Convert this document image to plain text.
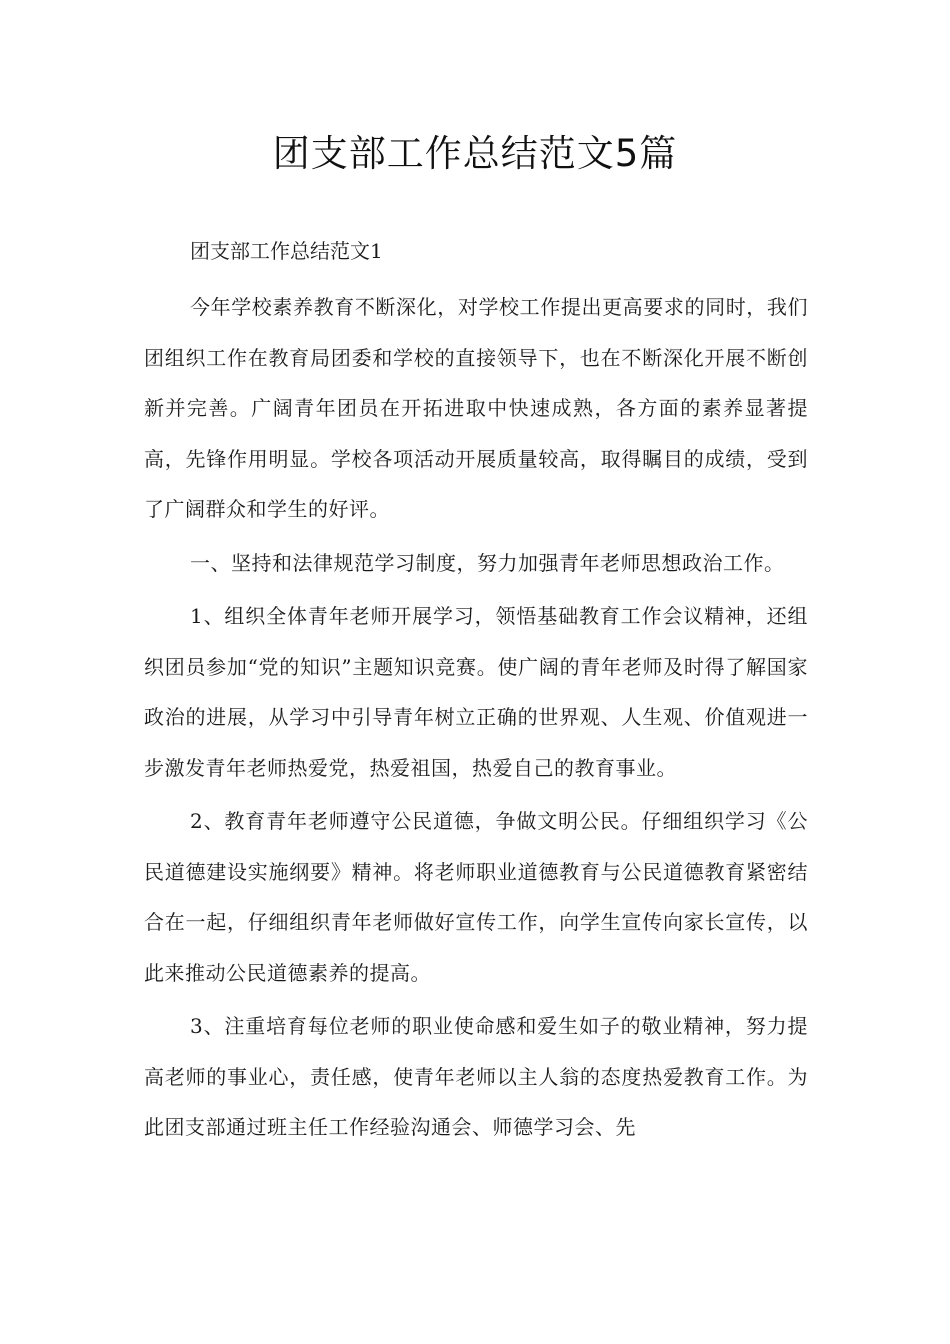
团支部工作总结范文5篇

团支部工作总结范文1

今年学校素养教育不断深化，对学校工作提出更高要求的同时，我们团组织工作在教育局团委和学校的直接领导下，也在不断深化开展不断创新并完善。广阔青年团员在开拓进取中快速成熟，各方面的素养显著提高，先锋作用明显。学校各项活动开展质量较高，取得瞩目的成绩，受到了广阔群众和学生的好评。

一、坚持和法律规范学习制度，努力加强青年老师思想政治工作。

1、组织全体青年老师开展学习，领悟基础教育工作会议精神，还组织团员参加“党的知识”主题知识竞赛。使广阔的青年老师及时得了解国家政治的进展，从学习中引导青年树立正确的世界观、人生观、价值观进一步激发青年老师热爱党，热爱祖国，热爱自己的教育事业。

2、教育青年老师遵守公民道德，争做文明公民。仔细组织学习《公民道德建设实施纲要》精神。将老师职业道德教育与公民道德教育紧密结合在一起，仔细组织青年老师做好宣传工作，向学生宣传向家长宣传，以此来推动公民道德素养的提高。

3、注重培育每位老师的职业使命感和爱生如子的敬业精神，努力提高老师的事业心，责任感，使青年老师以主人翁的态度热爱教育工作。为此团支部通过班主任工作经验沟通会、师德学习会、先
